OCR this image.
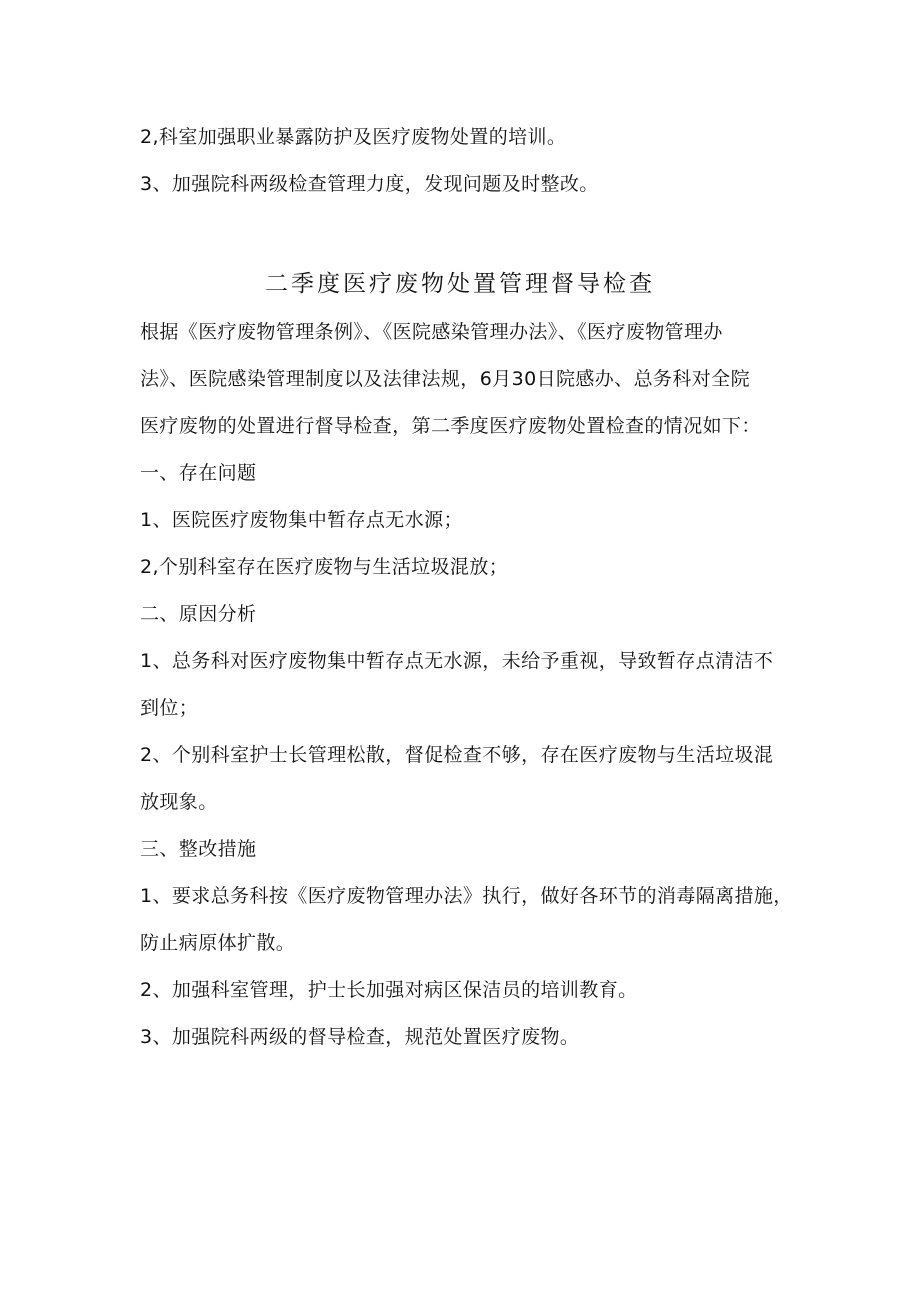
2,科室加强职业暴露防护及医疗废物处置的培训。
3、加强院科两级检查管理力度，发现问题及时整改。
二季度医疗废物处置管理督导检查
根据《医疗废物管理条例》、《医院感染管理办法》、《医疗废物管理办
法》、医院感染管理制度以及法律法规，6月30日院感办、总务科对全院
医疗废物的处置进行督导检查，第二季度医疗废物处置检查的情况如下：
一、存在问题
1、医院医疗废物集中暂存点无水源；
2,个别科室存在医疗废物与生活垃圾混放；
二、原因分析
1、总务科对医疗废物集中暂存点无水源，未给予重视，导致暂存点清洁不
到位；
2、个别科室护士长管理松散，督促检查不够，存在医疗废物与生活垃圾混
放现象。
三、整改措施
1、要求总务科按《医疗废物管理办法》执行，做好各环节的消毒隔离措施，
防止病原体扩散。
2、加强科室管理，护士长加强对病区保洁员的培训教育。
3、加强院科两级的督导检查，规范处置医疗废物。
